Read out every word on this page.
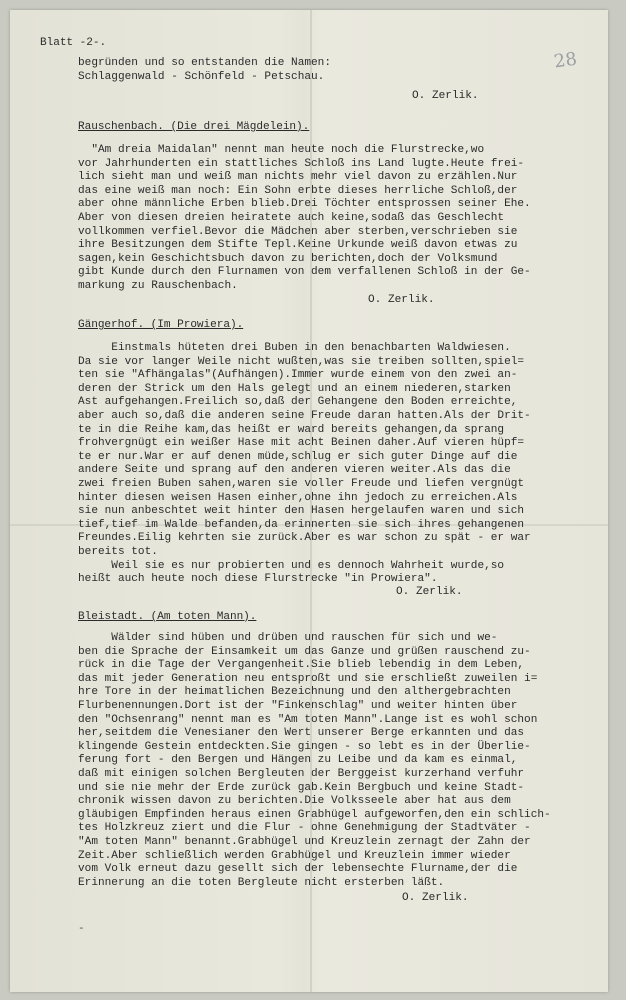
Blatt -2-.
28
begründen und so entstanden die Namen:
Schlaggenwald - Schönfeld - Petschau.
O. Zerlik.
Rauschenbach. (Die drei Mägdelein).
"Am dreia Maidalan" nennt man heute noch die Flurstrecke,wo
vor Jahrhunderten ein stattliches Schloß ins Land lugte.Heute frei-
lich sieht man und weiß man nichts mehr viel davon zu erzählen.Nur
das eine weiß man noch: Ein Sohn erbte dieses herrliche Schloß,der
aber ohne männliche Erben blieb.Drei Töchter entsprossen seiner Ehe.
Aber von diesen dreien heiratete auch keine,sodaß das Geschlecht
vollkommen verfiel.Bevor die Mädchen aber sterben,verschrieben sie
ihre Besitzungen dem Stifte Tepl.Keine Urkunde weiß davon etwas zu
sagen,kein Geschichtsbuch davon zu berichten,doch der Volksmund
gibt Kunde durch den Flurnamen von dem verfallenen Schloß in der Ge-
markung zu Rauschenbach.
O. Zerlik.
Gängerhof. (Im Prowiera).
Einstmals hüteten drei Buben in den benachbarten Waldwiesen.
Da sie vor langer Weile nicht wußten,was sie treiben sollten,spiel=
ten sie "Afhängalas"(Aufhängen).Immer wurde einem von den zwei an-
deren der Strick um den Hals gelegt und an einem niederen,starken
Ast aufgehangen.Freilich so,daß der Gehangene den Boden erreichte,
aber auch so,daß die anderen seine Freude daran hatten.Als der Drit-
te in die Reihe kam,das heißt er ward bereits gehangen,da sprang
frohvergnügt ein weißer Hase mit acht Beinen daher.Auf vieren hüpf=
te er nur.War er auf denen müde,schlug er sich guter Dinge auf die
andere Seite und sprang auf den anderen vieren weiter.Als das die
zwei freien Buben sahen,waren sie voller Freude und liefen vergnügt
hinter diesen weisen Hasen einher,ohne ihn jedoch zu erreichen.Als
sie nun anbeschtet weit hinter den Hasen hergelaufen waren und sich
tief,tief im Walde befanden,da erinnerten sie sich ihres gehangenen
Freundes.Eilig kehrten sie zurück.Aber es war schon zu spät - er war
bereits tot.
Weil sie es nur probierten und es dennoch Wahrheit wurde,so
heißt auch heute noch diese Flurstrecke "in Prowiera".
O. Zerlik.
Bleistadt. (Am toten Mann).
Wälder sind hüben und drüben und rauschen für sich und we-
ben die Sprache der Einsamkeit um das Ganze und grüßen rauschend zu-
rück in die Tage der Vergangenheit.Sie blieb lebendig in dem Leben,
das mit jeder Generation neu entsproßt und sie erschließt zuweilen i=
hre Tore in der heimatlichen Bezeichnung und den althergebrachten
Flurbenennungen.Dort ist der "Finkenschlag" und weiter hinten über
den "Ochsenrang" nennt man es "Am toten Mann".Lange ist es wohl schon
her,seitdem die Venesianer den Wert unserer Berge erkannten und das
klingende Gestein entdeckten.Sie gingen - so lebt es in der Überlie-
ferung fort - den Bergen und Hängen zu Leibe und da kam es einmal,
daß mit einigen solchen Bergleuten der Berggeist kurzerhand verfuhr
und sie nie mehr der Erde zurück gab.Kein Bergbuch und keine Stadt-
chronik wissen davon zu berichten.Die Volksseele aber hat aus dem
gläubigen Empfinden heraus einen Grabhügel aufgeworfen,den ein schlich-
tes Holzkreuz ziert und die Flur - ohne Genehmigung der Stadtväter -
"Am toten Mann" benannt.Grabhügel und Kreuzlein zernagt der Zahn der
Zeit.Aber schließlich werden Grabhügel und Kreuzlein immer wieder
vom Volk erneut dazu gesellt sich der lebensechte Flurname,der die
Erinnerung an die toten Bergleute nicht ersterben läßt.
O. Zerlik.
-
